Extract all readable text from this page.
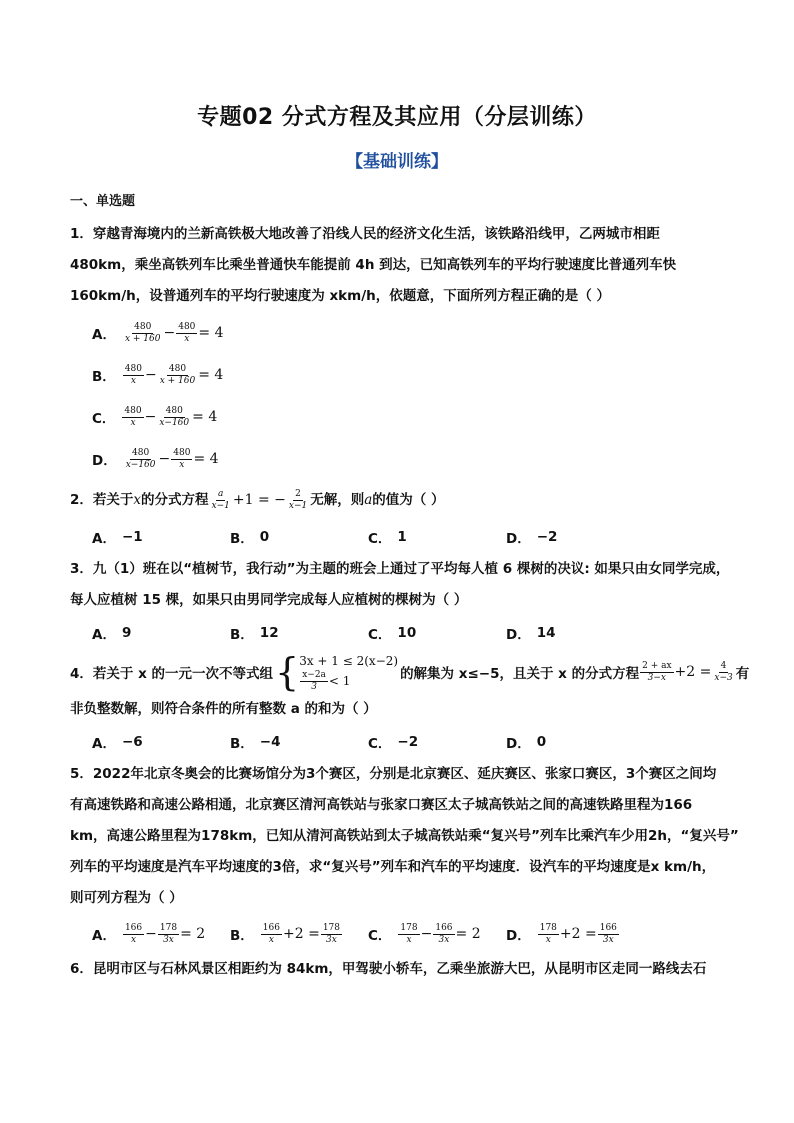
专题02 分式方程及其应用（分层训练）
【基础训练】
一、单选题
1．穿越青海境内的兰新高铁极大地改善了沿线人民的经济文化生活，该铁路沿线甲，乙两城市相距
480km，乘坐高铁列车比乘坐普通快车能提前 4h 到达，已知高铁列车的平均行驶速度比普通列车快
160km/h，设普通列车的平均行驶速度为 xkm/h，依题意，下面所列方程正确的是（ ）
A． $\frac{480}{x + 160} - \frac{480}{x} = 4$
B． $\frac{480}{x} - \frac{480}{x + 160} = 4$
C． $\frac{480}{x} - \frac{480}{x-160} = 4$
D． $\frac{480}{x-160} - \frac{480}{x} = 4$
2．若关于 x 的分式方程 $\frac{a}{x-1} +1$ = − $\frac{2}{x-1}$ 无解，则 a 的值为（ ）
A． −1	B． 0	C． 1	D． −2
3．九（1）班在以“植树节，我行动”为主题的班会上通过了平均每人植 6 棵树的决议: 如果只由女同学完成，
每人应植树 15 棵，如果只由男同学完成每人应植树的棵树为（ ）
A． 9	B． 12	C． 10	D． 14
4．若关于 x 的一元一次不等式组 { 3x + 1 ≤ 2(x−2)
$\frac{x-2a}{3} < 1$	的解集为 x≤−5，且关于 x 的分式方程 $\frac{2 + ax}{3-x} +2 = \frac{4}{x-3}$ 有
非负整数解，则符合条件的所有整数 a 的和为（ ）
A． −6	B． −4	C． −2	D． 0
5．2022年北京冬奥会的比赛场馆分为3个赛区，分别是北京赛区、延庆赛区、张家口赛区，3个赛区之间均
有高速铁路和高速公路相通，北京赛区清河高铁站与张家口赛区太子城高铁站之间的高速铁路里程为166
km，高速公路里程为178km，已知从清河高铁站到太子城高铁站乘“复兴号”列车比乘汽车少用2h，“复兴号”
列车的平均速度是汽车平均速度的3倍，求“复兴号”列车和汽车的平均速度．设汽车的平均速度是x km/h，
则可列方程为（ ）
A． $\frac{166}{x} - \frac{178}{3x} = 2$ B． $\frac{166}{x} +2 = \frac{178}{3x}$ C． $\frac{178}{x} - \frac{166}{3x} = 2$ D． $\frac{178}{x} +2 = \frac{166}{3x}$
6．昆明市区与石林风景区相距约为 84km，甲驾驶小轿车，乙乘坐旅游大巴，从昆明市区走同一路线去石
